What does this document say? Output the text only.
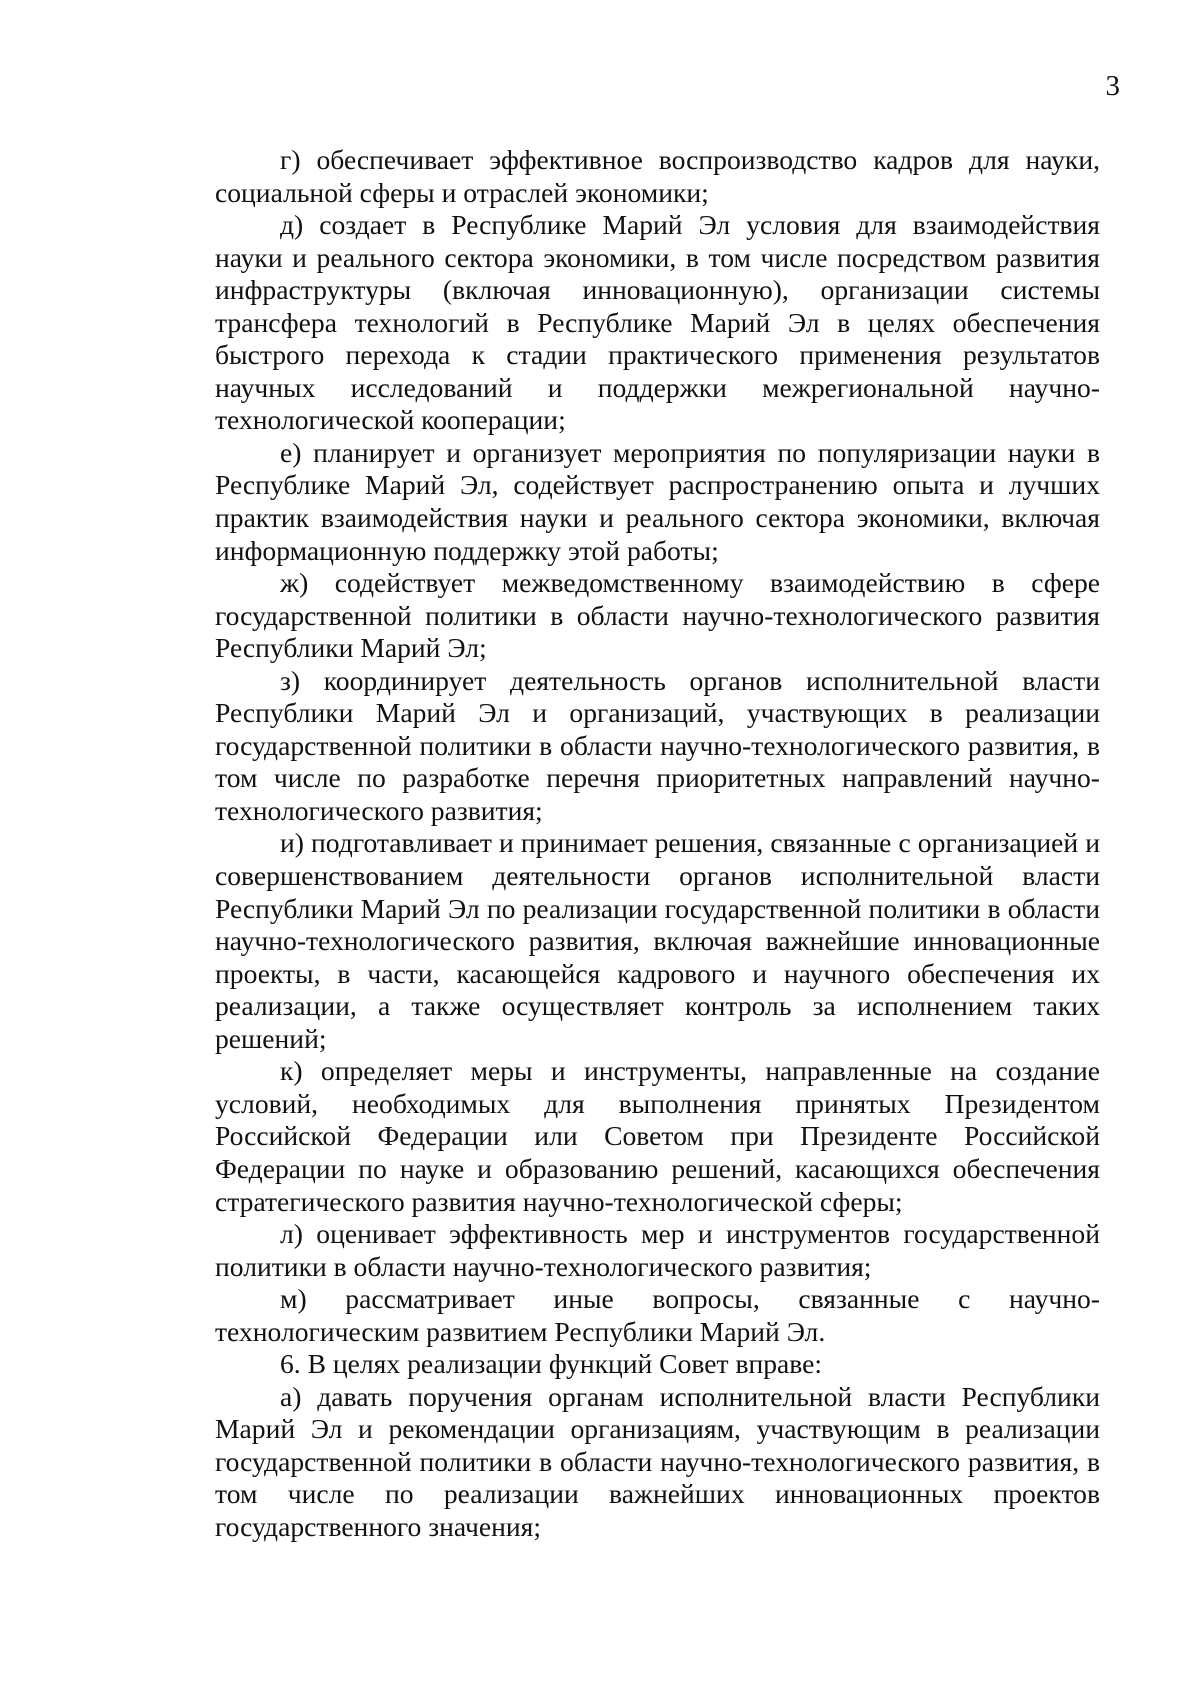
3

г) обеспечивает эффективное воспроизводство кадров для науки, социальной сферы и отраслей экономики;

д) создает в Республике Марий Эл условия для взаимодействия науки и реального сектора экономики, в том числе посредством развития инфраструктуры (включая инновационную), организации системы трансфера технологий в Республике Марий Эл в целях обеспечения быстрого перехода к стадии практического применения результатов научных исследований и поддержки межрегиональной научно-технологической кооперации;

е) планирует и организует мероприятия по популяризации науки в Республике Марий Эл, содействует распространению опыта и лучших практик взаимодействия науки и реального сектора экономики, включая информационную поддержку этой работы;

ж) содействует межведомственному взаимодействию в сфере государственной политики в области научно-технологического развития Республики Марий Эл;

з) координирует деятельность органов исполнительной власти Республики Марий Эл и организаций, участвующих в реализации государственной политики в области научно-технологического развития, в том числе по разработке перечня приоритетных направлений научно-технологического развития;

и) подготавливает и принимает решения, связанные с организацией и совершенствованием деятельности органов исполнительной власти Республики Марий Эл по реализации государственной политики в области научно-технологического развития, включая важнейшие инновационные проекты, в части, касающейся кадрового и научного обеспечения их реализации, а также осуществляет контроль за исполнением таких решений;

к) определяет меры и инструменты, направленные на создание условий, необходимых для выполнения принятых Президентом Российской Федерации или Советом при Президенте Российской Федерации по науке и образованию решений, касающихся обеспечения стратегического развития научно-технологической сферы;

л) оценивает эффективность мер и инструментов государственной политики в области научно-технологического развития;

м) рассматривает иные вопросы, связанные с научно-технологическим развитием Республики Марий Эл.

6. В целях реализации функций Совет вправе:

а) давать поручения органам исполнительной власти Республики Марий Эл и рекомендации организациям, участвующим в реализации государственной политики в области научно-технологического развития, в том числе по реализации важнейших инновационных проектов государственного значения;
